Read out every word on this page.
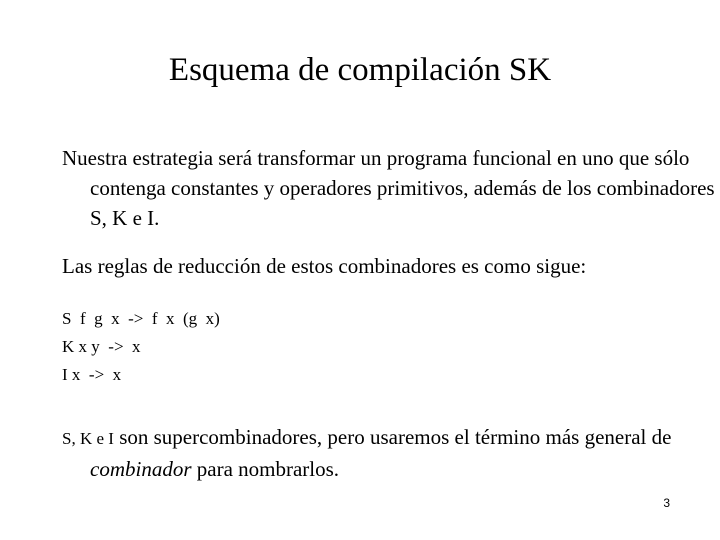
Esquema de compilación SK
Nuestra estrategia será transformar un programa funcional en uno que sólo contenga constantes y operadores primitivos, además de los combinadores S, K e I.
Las reglas de reducción de estos combinadores es como sigue:
S  f  g  x  ->  f  x  (g  x)
K x y  ->  x
I x  ->  x
S, K e I son supercombinadores, pero usaremos el término más general de combinador para nombrarlos.
3
